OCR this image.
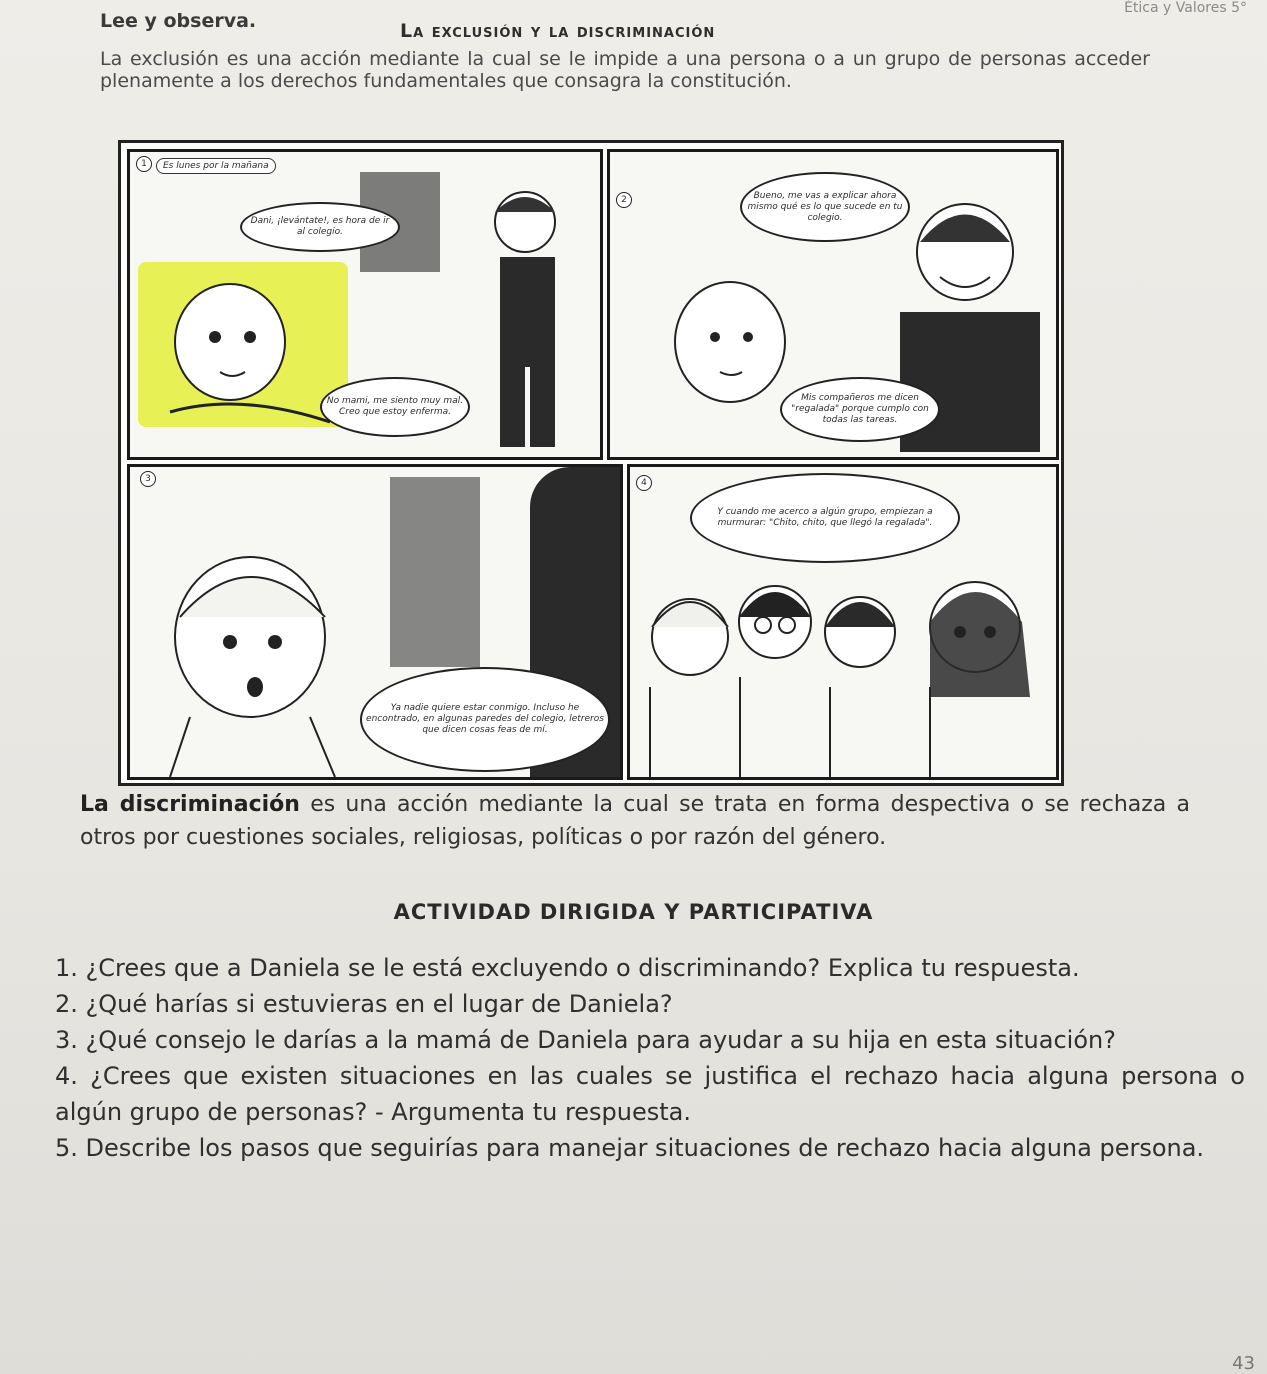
Ética y Valores 5°
Lee y observa.	La exclusión y la discriminación
La exclusión es una acción mediante la cual se le impide a una persona o a un grupo de personas acceder plenamente a los derechos fundamentales que consagra la constitución.
1	Es lunes por la mañana
Dani, ¡levántate!, es hora de ir al colegio.
No mami, me siento muy mal. Creo que estoy enferma.
2	Bueno, me vas a explicar ahora mismo qué es lo que sucede en tu colegio.
Mis compañeros me dicen "regalada" porque cumplo con todas las tareas.
3
Ya nadie quiere estar conmigo. Incluso he encontrado, en algunas paredes del colegio, letreros que dicen cosas feas de mí.
4
Y cuando me acerco a algún grupo, empiezan a murmurar: "Chito, chito, que llegó la regalada".
La discriminación es una acción mediante la cual se trata en forma despectiva o se rechaza a otros por cuestiones sociales, religiosas, políticas o por razón del género.
ACTIVIDAD DIRIGIDA Y PARTICIPATIVA

1. ¿Crees que a Daniela se le está excluyendo o discriminando? Explica tu respuesta.

2. ¿Qué harías si estuvieras en el lugar de Daniela?

3. ¿Qué consejo le darías a la mamá de Daniela para ayudar a su hija en esta situación?

4. ¿Crees que existen situaciones en las cuales se justifica el rechazo hacia alguna persona o algún grupo de personas? - Argumenta tu respuesta.

5. Describe los pasos que seguirías para manejar situaciones de rechazo hacia alguna persona.

43
